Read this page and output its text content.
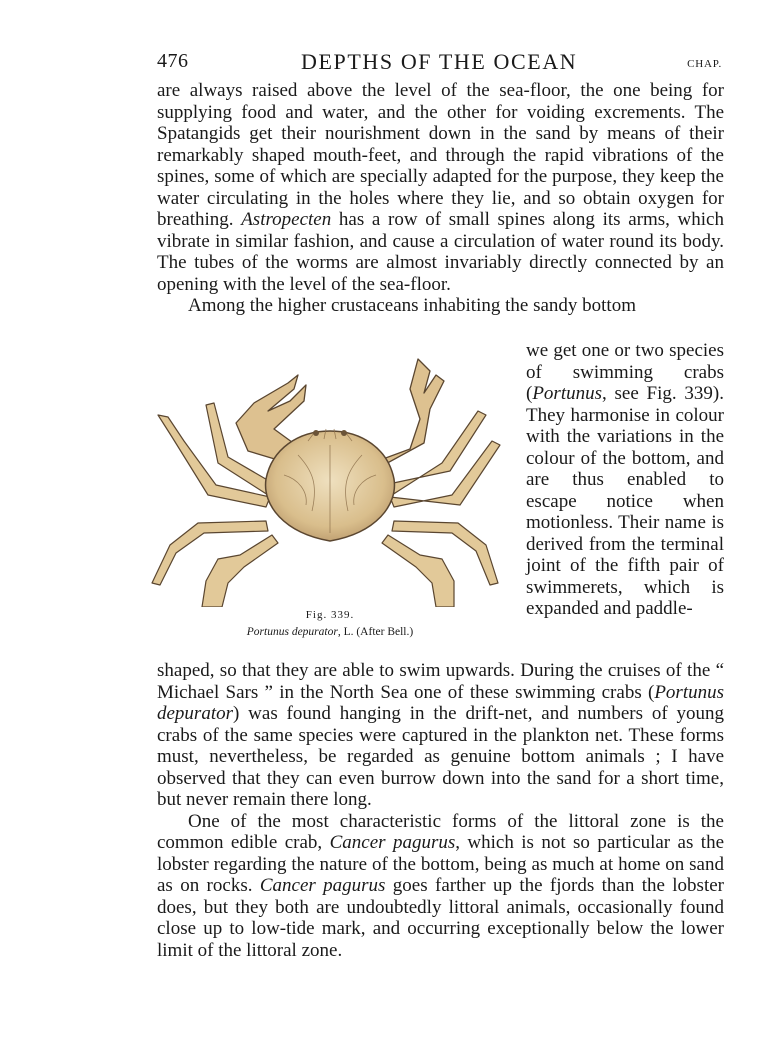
476	DEPTHS OF THE OCEAN	CHAP.

are always raised above the level of the sea-floor, the one being for supplying food and water, and the other for voiding excrements. The Spatangids get their nourishment down in the sand by means of their remarkably shaped mouth-feet, and through the rapid vibrations of the spines, some of which are specially adapted for the purpose, they keep the water circulating in the holes where they lie, and so obtain oxygen for breathing. Astropecten has a row of small spines along its arms, which vibrate in similar fashion, and cause a circulation of water round its body. The tubes of the worms are almost invariably directly connected by an opening with the level of the sea-floor.

Among the higher crustaceans inhabiting the sandy bottom

Fig. 339.
Portunus depurator, L. (After Bell.)

we get one or two species of swimming crabs (Portunus, see Fig. 339). They harmonise in colour with the variations in the colour of the bottom, and are thus enabled to escape notice when motionless. Their name is derived from the terminal joint of the fifth pair of swimmerets, which is expanded and paddle-

shaped, so that they are able to swim upwards. During the cruises of the “ Michael Sars ” in the North Sea one of these swimming crabs (Portunus depurator) was found hanging in the drift-net, and numbers of young crabs of the same species were captured in the plankton net. These forms must, nevertheless, be regarded as genuine bottom animals ; I have observed that they can even burrow down into the sand for a short time, but never remain there long.

One of the most characteristic forms of the littoral zone is the common edible crab, Cancer pagurus, which is not so particular as the lobster regarding the nature of the bottom, being as much at home on sand as on rocks. Cancer pagurus goes farther up the fjords than the lobster does, but they both are undoubtedly littoral animals, occasionally found close up to low-tide mark, and occurring exceptionally below the lower limit of the littoral zone.
